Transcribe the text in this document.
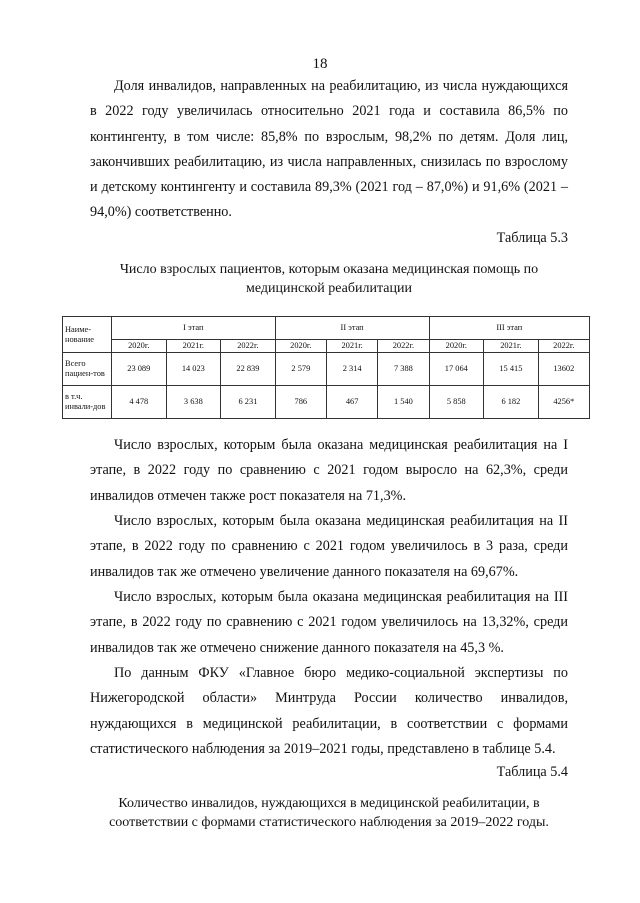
18

Доля инвалидов, направленных на реабилитацию, из числа нуждающихся в 2022 году увеличилась относительно 2021 года и составила 86,5% по контингенту, в том числе: 85,8% по взрослым, 98,2% по детям. Доля лиц, закончивших реабилитацию, из числа направленных, снизилась по взрослому и детскому контингенту и составила 89,3% (2021 год – 87,0%) и 91,6% (2021 – 94,0%) соответственно.

Таблица 5.3
Число взрослых пациентов, которым оказана медицинская помощь по
медицинской реабилитации
Наиме-нование	I этап			II этап			III этап		
	2020г.	2021г.	2022г.	2020г.	2021г.	2022г.	2020г.	2021г.	2022г.
Всего пациен-тов	23 089	14 023	22 839	2 579	2 314	7 388	17 064	15 415	13602
в т.ч. инвали-дов	4 478	3 638	6 231	786	467	1 540	5 858	6 182	4256*

Число взрослых, которым была оказана медицинская реабилитация на I этапе, в 2022 году по сравнению с 2021 годом выросло на 62,3%, среди инвалидов отмечен также рост показателя на 71,3%.

Число взрослых, которым была оказана медицинская реабилитация на II этапе, в 2022 году по сравнению с 2021 годом увеличилось в 3 раза, среди инвалидов так же отмечено увеличение данного показателя на 69,67%.

Число взрослых, которым была оказана медицинская реабилитация на III этапе, в 2022 году по сравнению с 2021 годом увеличилось на 13,32%, среди инвалидов так же отмечено снижение данного показателя на 45,3 %.

По данным ФКУ «Главное бюро медико-социальной экспертизы по Нижегородской области» Минтруда России количество инвалидов, нуждающихся в медицинской реабилитации, в соответствии с формами статистического наблюдения за 2019–2021 годы, представлено в таблице 5.4.

Таблица 5.4
Количество инвалидов, нуждающихся в медицинской реабилитации, в
соответствии с формами статистического наблюдения за 2019–2022 годы.
